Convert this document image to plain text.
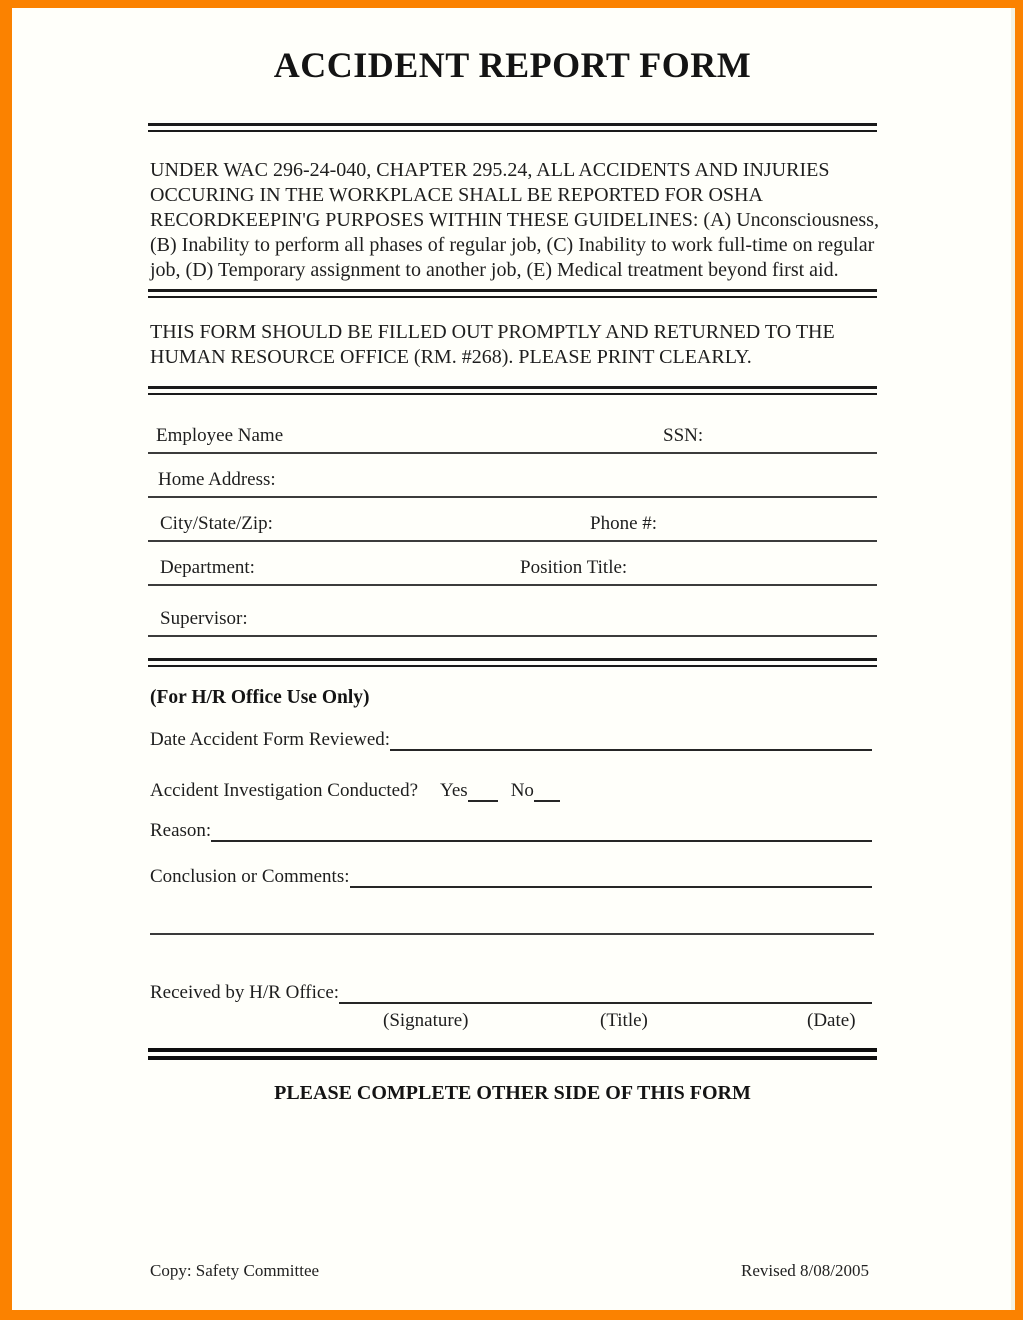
ACCIDENT REPORT FORM
UNDER WAC 296-24-040, CHAPTER 295.24, ALL ACCIDENTS AND INJURIES
OCCURING IN THE WORKPLACE SHALL BE REPORTED FOR OSHA
RECORDKEEPIN'G PURPOSES WITHIN THESE GUIDELINES: (A) Unconsciousness,
(B) Inability to perform all phases of regular job, (C) Inability to work full-time on regular
job, (D) Temporary assignment to another job, (E) Medical treatment beyond first aid.
THIS FORM SHOULD BE FILLED OUT PROMPTLY AND RETURNED TO THE
HUMAN RESOURCE OFFICE (RM. #268). PLEASE PRINT CLEARLY.
Employee Name	SSN:
Home Address:
City/State/Zip:	Phone #:
Department:	Position Title:
Supervisor:
(For H/R Office Use Only)
Date Accident Form Reviewed:
Accident Investigation Conducted? Yes No
Reason:
Conclusion or Comments:
Received by H/R Office:
(Signature)	(Title)	(Date)
PLEASE COMPLETE OTHER SIDE OF THIS FORM
Copy: Safety Committee	Revised 8/08/2005
